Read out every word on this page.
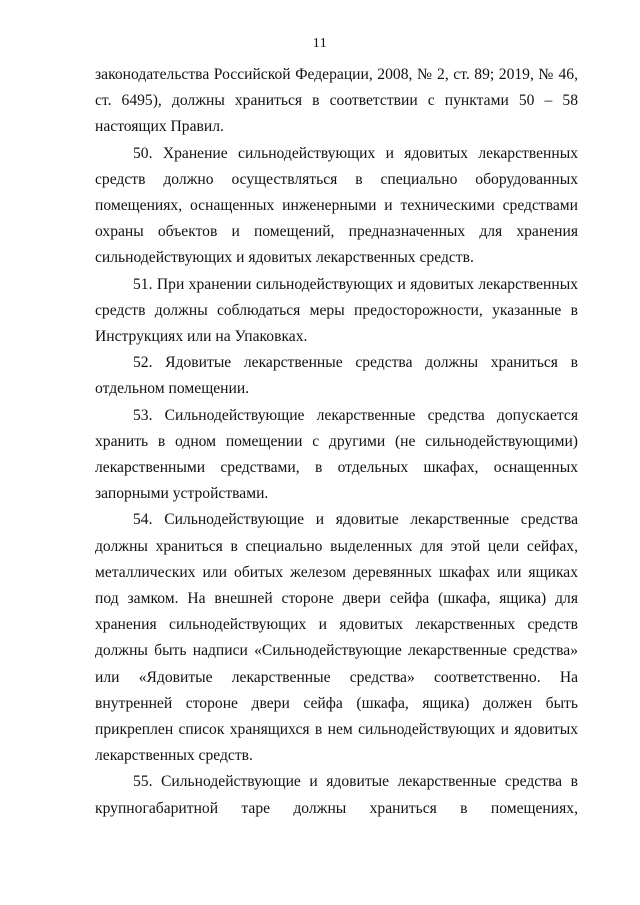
11

законодательства Российской Федерации, 2008, № 2, ст. 89; 2019, № 46, ст. 6495), должны храниться в соответствии с пунктами 50 – 58 настоящих Правил.

50. Хранение сильнодействующих и ядовитых лекарственных средств должно осуществляться в специально оборудованных помещениях, оснащенных инженерными и техническими средствами охраны объектов и помещений, предназначенных для хранения сильнодействующих и ядовитых лекарственных средств.

51. При хранении сильнодействующих и ядовитых лекарственных средств должны соблюдаться меры предосторожности, указанные в Инструкциях или на Упаковках.

52. Ядовитые лекарственные средства должны храниться в отдельном помещении.

53. Сильнодействующие лекарственные средства допускается хранить в одном помещении с другими (не сильнодействующими) лекарственными средствами, в отдельных шкафах, оснащенных запорными устройствами.

54. Сильнодействующие и ядовитые лекарственные средства должны храниться в специально выделенных для этой цели сейфах, металлических или обитых железом деревянных шкафах или ящиках под замком. На внешней стороне двери сейфа (шкафа, ящика) для хранения сильнодействующих и ядовитых лекарственных средств должны быть надписи «Сильнодействующие лекарственные средства» или «Ядовитые лекарственные средства» соответственно. На внутренней стороне двери сейфа (шкафа, ящика) должен быть прикреплен список хранящихся в нем сильнодействующих и ядовитых лекарственных средств.

55. Сильнодействующие и ядовитые лекарственные средства в крупногабаритной таре должны храниться в помещениях,
